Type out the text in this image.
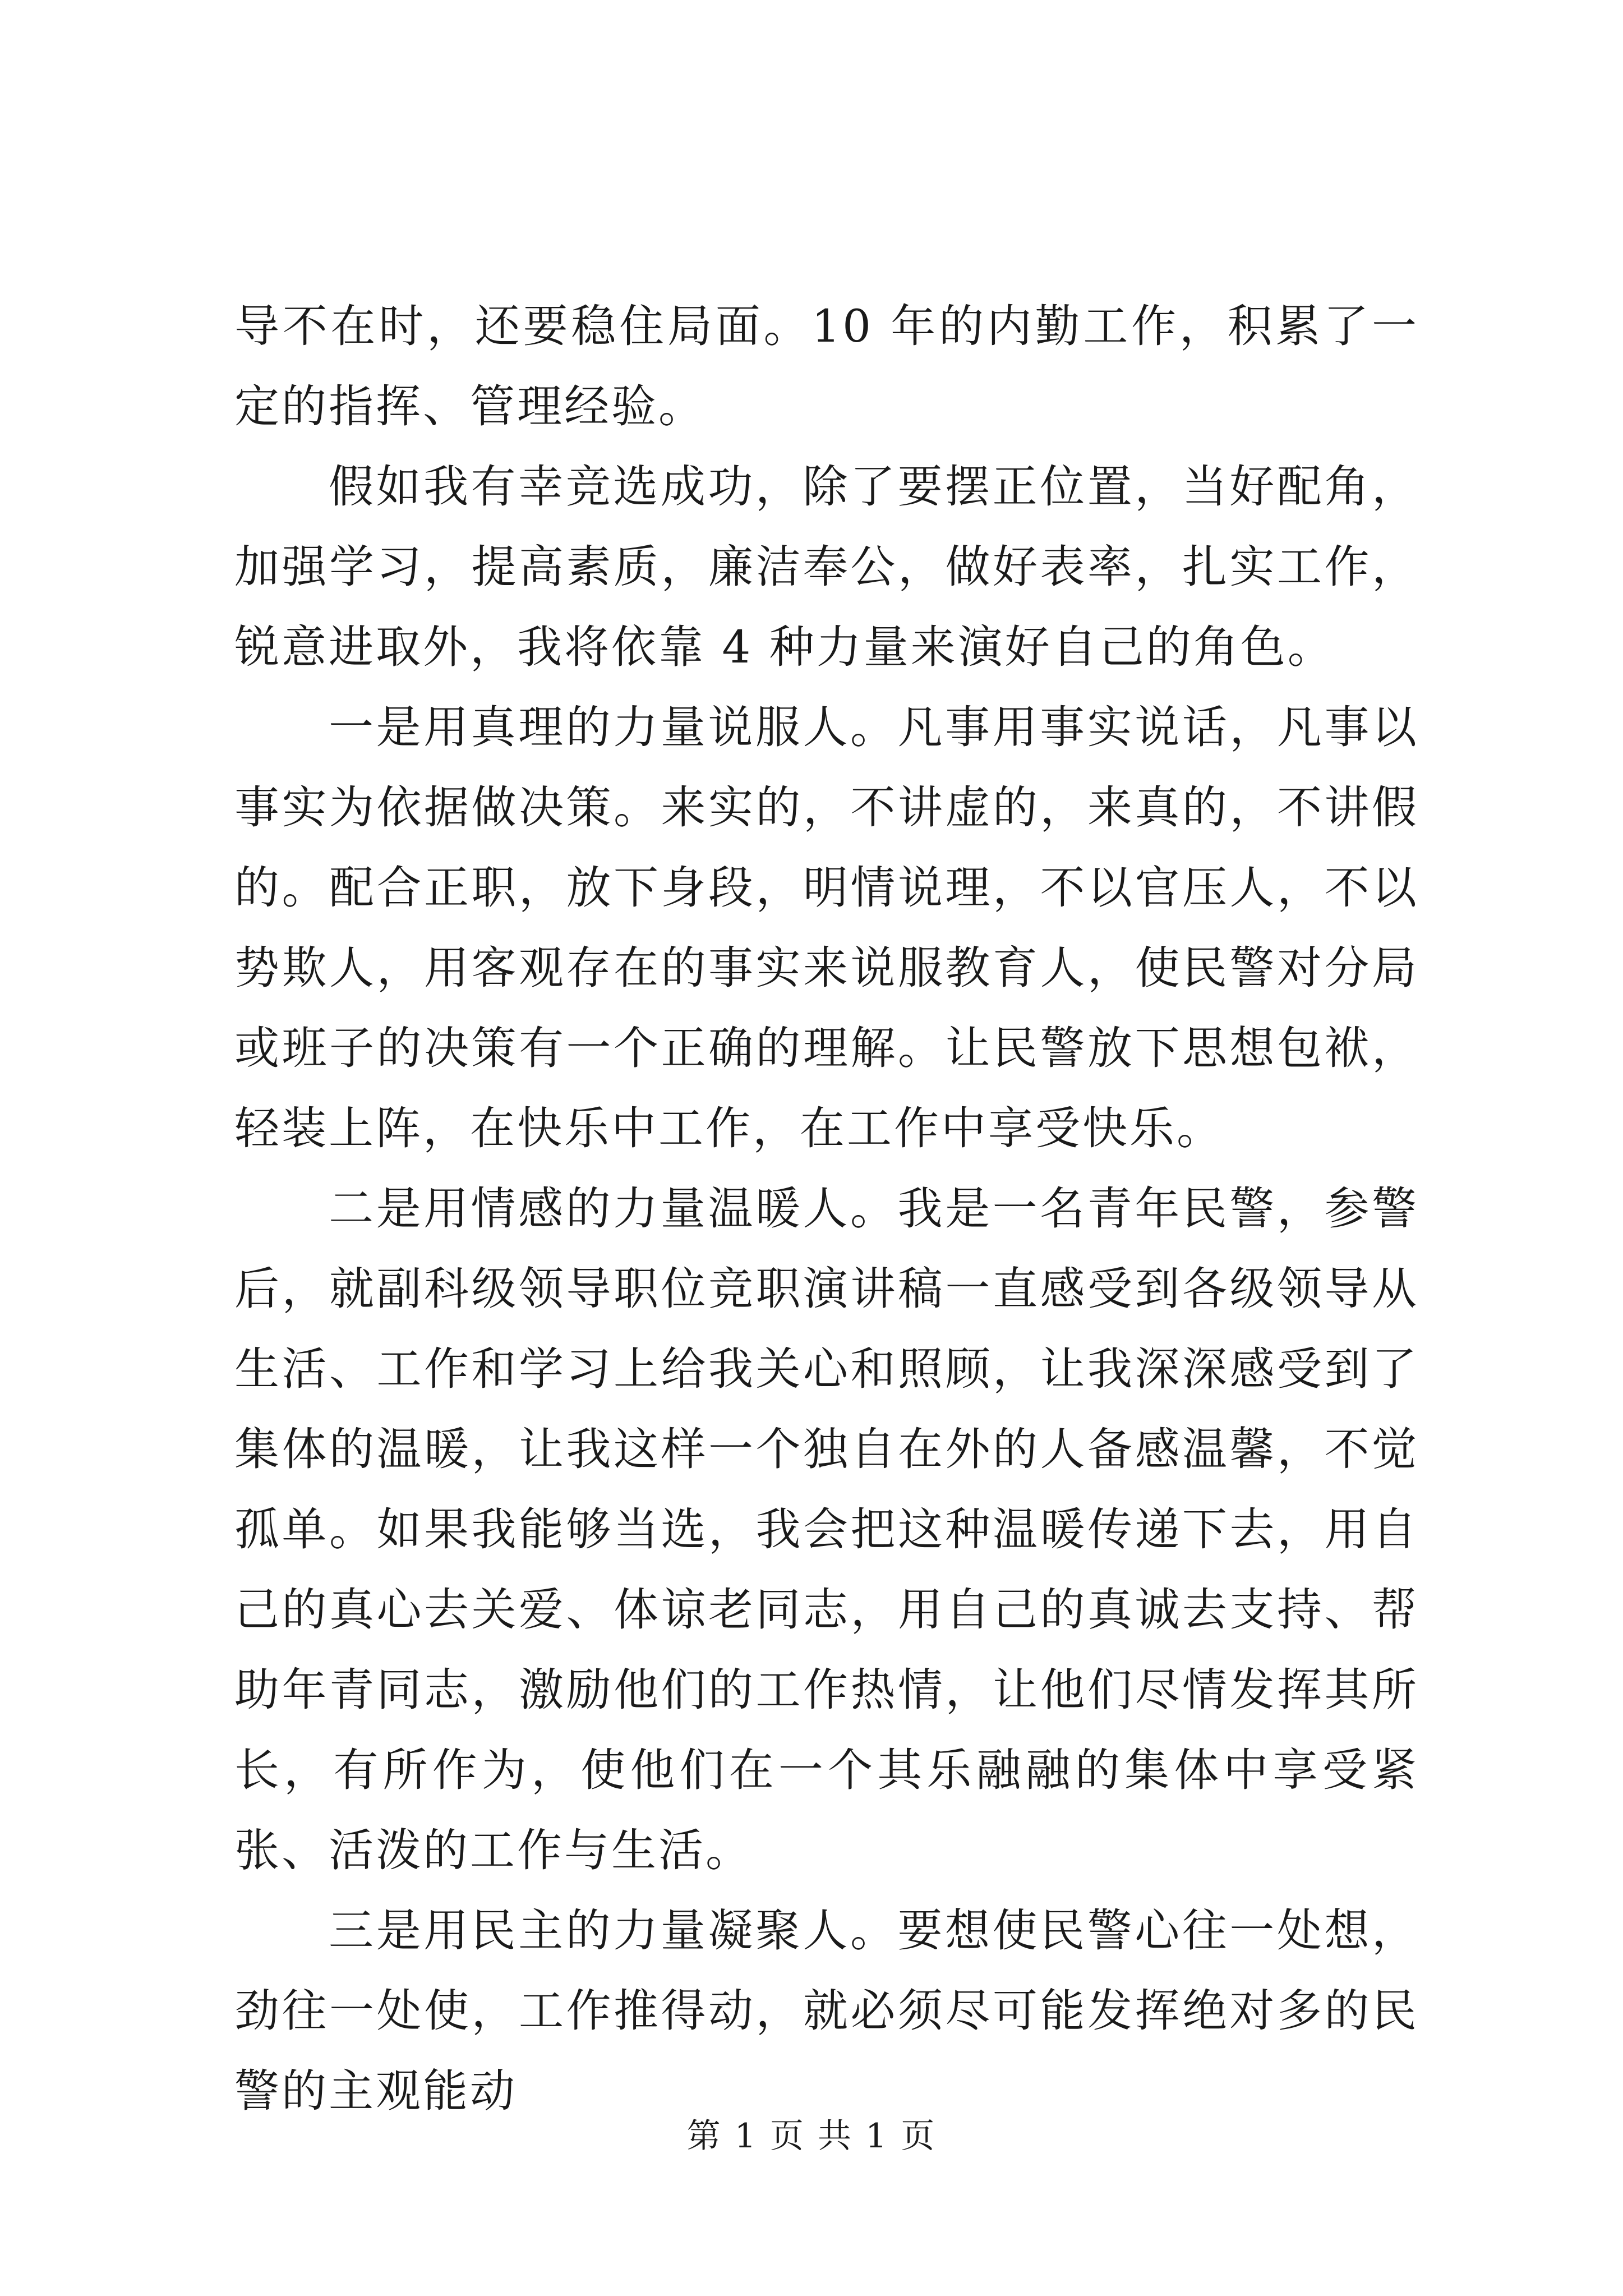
导不在时，还要稳住局面。10 年的内勤工作，积累了一定的指挥、管理经验。

假如我有幸竞选成功，除了要摆正位置，当好配角，加强学习，提高素质，廉洁奉公，做好表率，扎实工作，锐意进取外，我将依靠 4 种力量来演好自己的角色。

一是用真理的力量说服人。凡事用事实说话，凡事以事实为依据做决策。来实的，不讲虚的，来真的，不讲假的。配合正职，放下身段，明情说理，不以官压人，不以势欺人，用客观存在的事实来说服教育人，使民警对分局或班子的决策有一个正确的理解。让民警放下思想包袱，轻装上阵，在快乐中工作，在工作中享受快乐。

二是用情感的力量温暖人。我是一名青年民警，参警后，就副科级领导职位竞职演讲稿一直感受到各级领导从生活、工作和学习上给我关心和照顾，让我深深感受到了集体的温暖，让我这样一个独自在外的人备感温馨，不觉孤单。如果我能够当选，我会把这种温暖传递下去，用自己的真心去关爱、体谅老同志，用自己的真诚去支持、帮助年青同志，激励他们的工作热情，让他们尽情发挥其所长，有所作为，使他们在一个其乐融融的集体中享受紧张、活泼的工作与生活。

三是用民主的力量凝聚人。要想使民警心往一处想，劲往一处使，工作推得动，就必须尽可能发挥绝对多的民警的主观能动

第 1 页 共 1 页
